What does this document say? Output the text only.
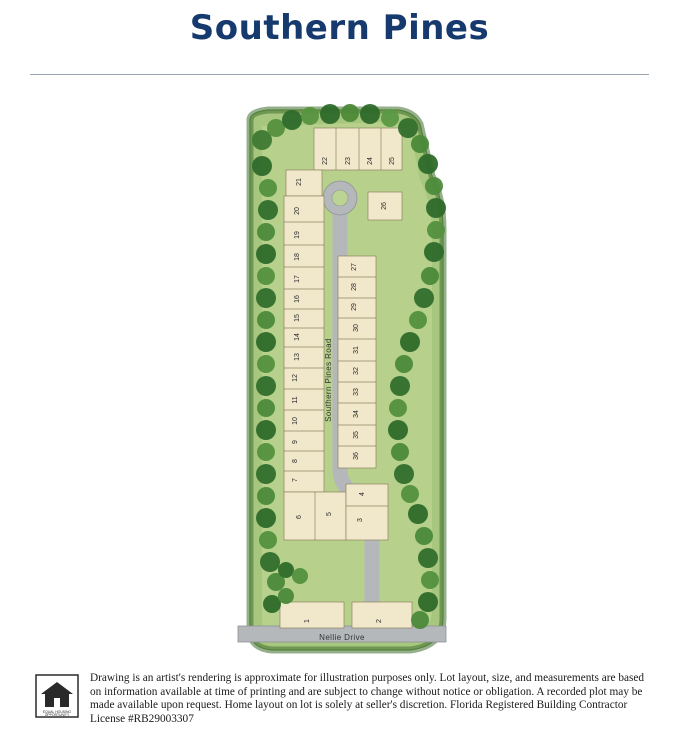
Southern Pines
1	2
3
4
5
6
7
8
9
10
11
12
13
14
15
16
17
18
19
20
21
22 23 24 25
26
27
28
29
30
31
32
33
34
35
36
Southern Pines Road
Nellie Drive
EQUAL HOUSING
OPPORTUNITY
Drawing is an artist's rendering is approximate for illustration purposes only. Lot layout, size, and measurements are based on information available at time of printing and are subject to change without notice or obligation. A recorded plot may be made available upon request. Home layout on lot is solely at seller's discretion. Florida Registered Building Contractor License #RB29003307
